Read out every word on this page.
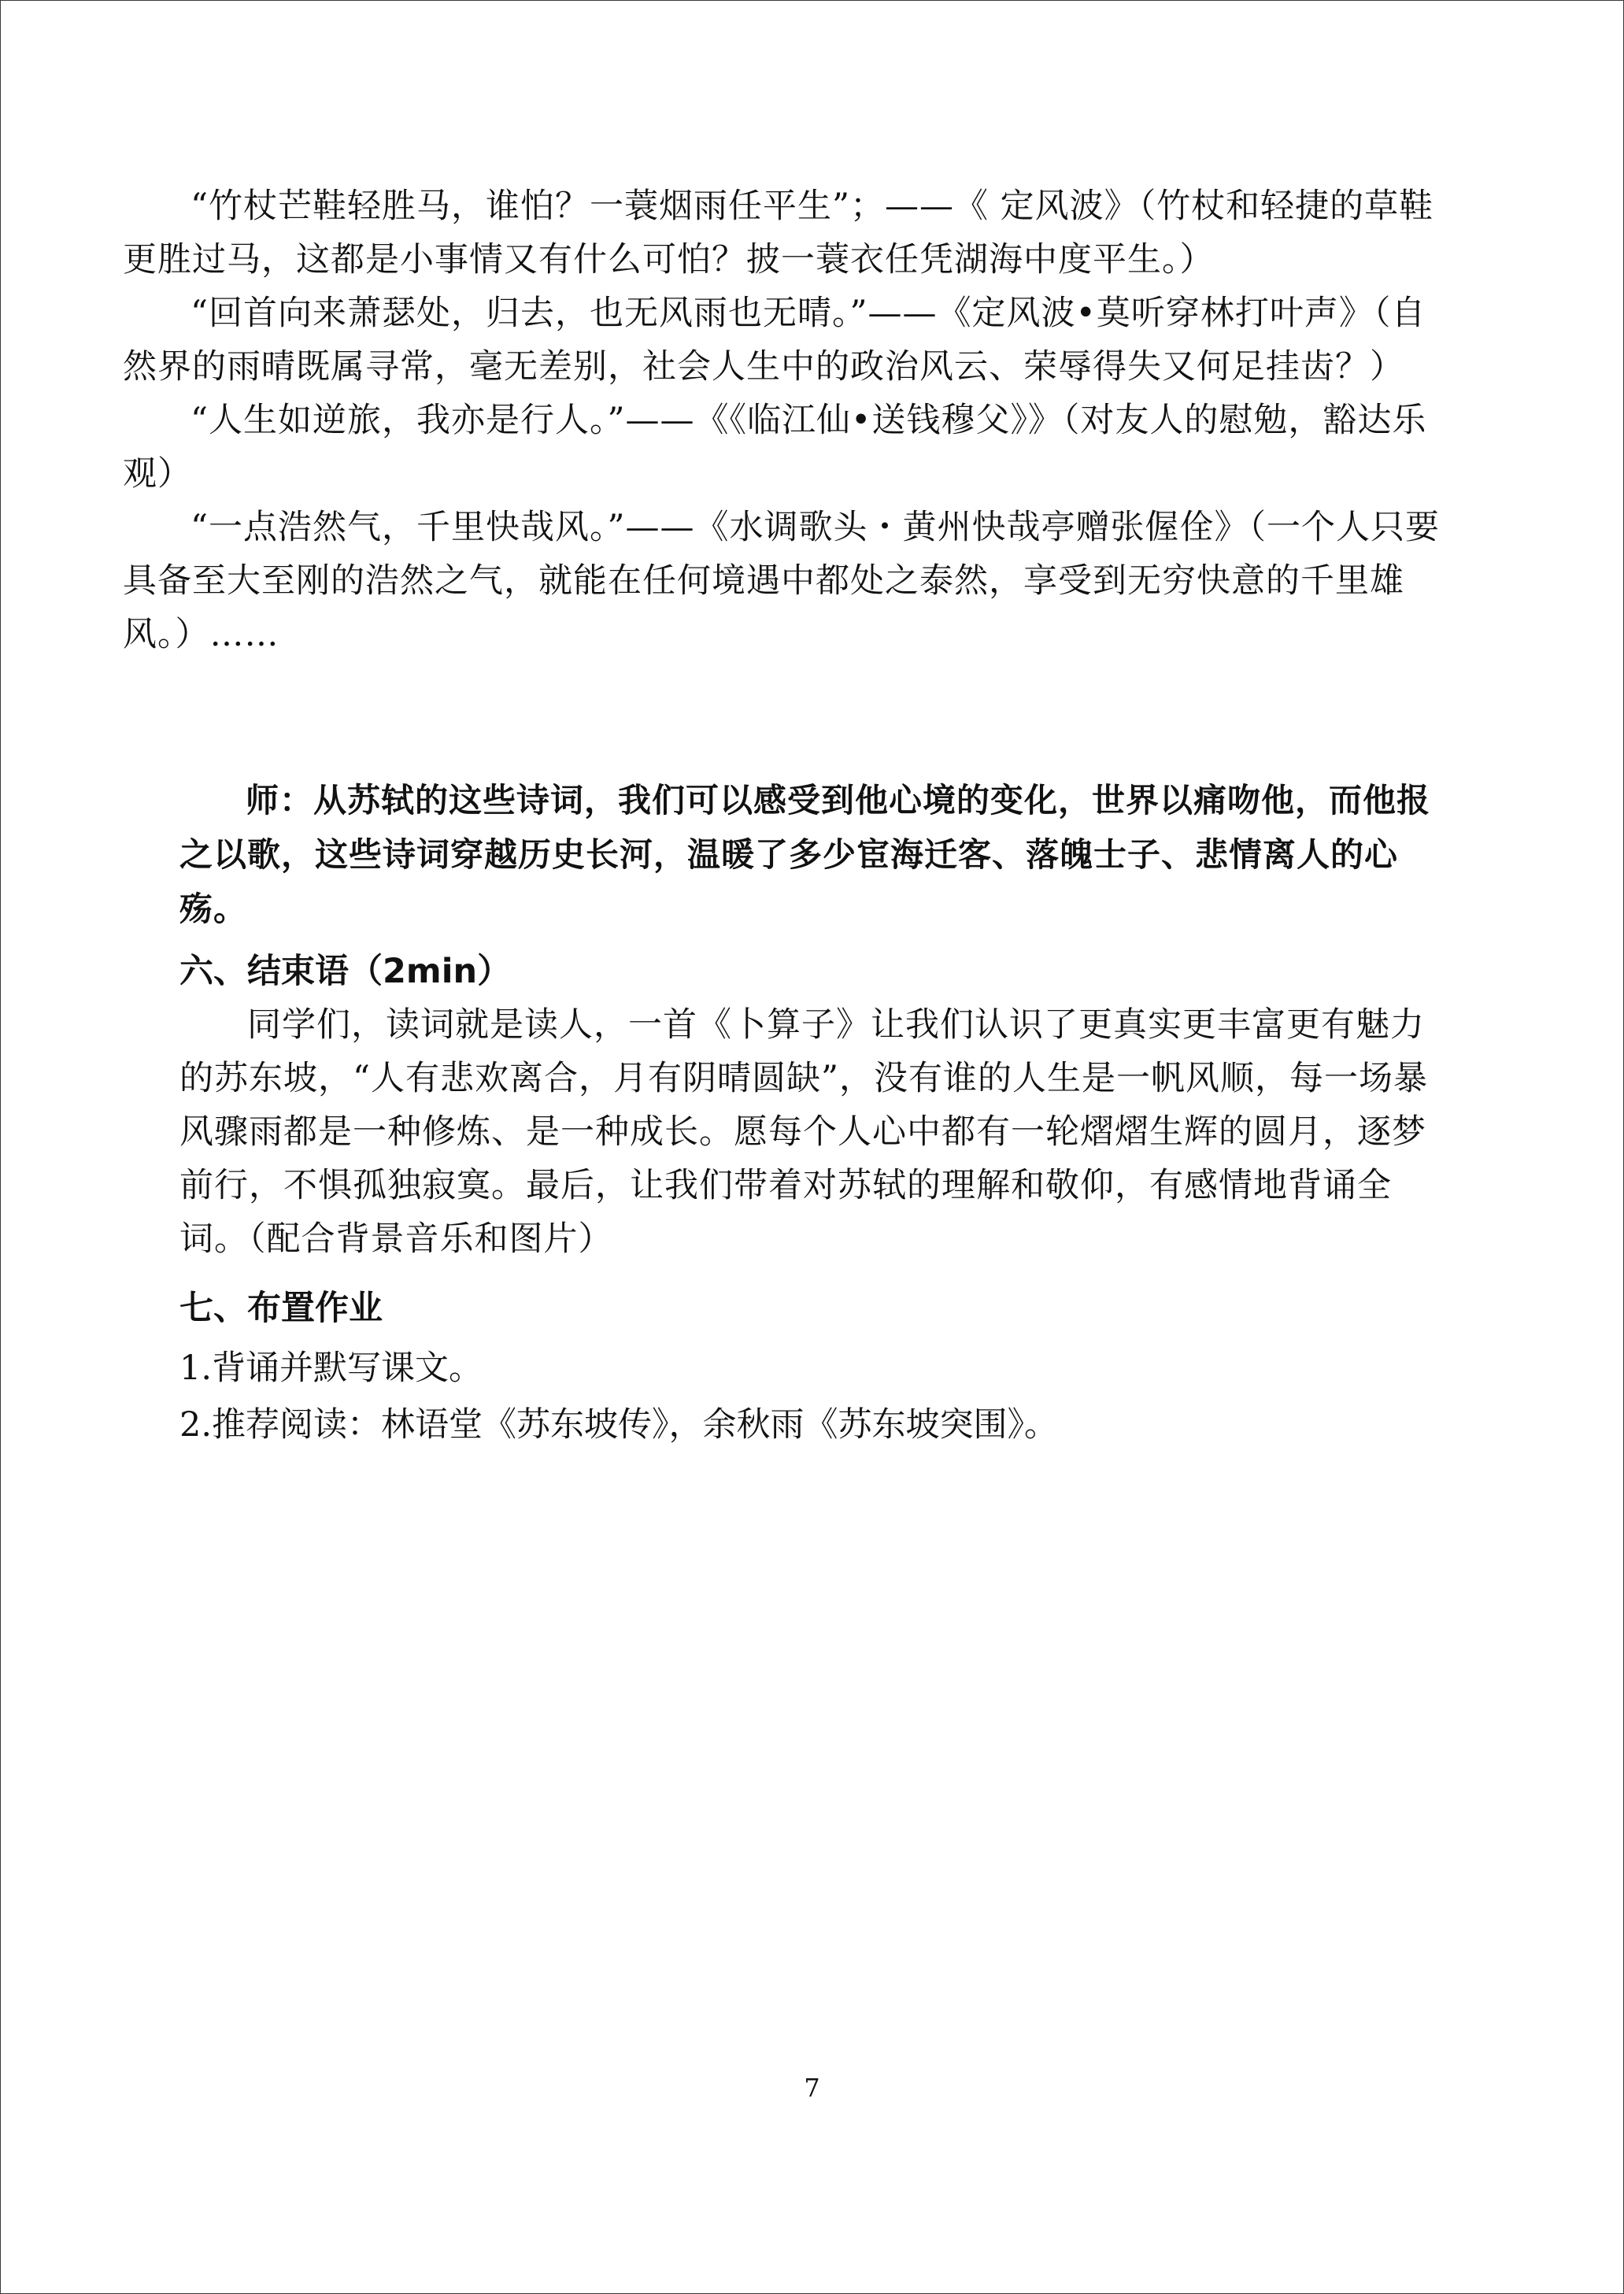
“竹杖芒鞋轻胜马，谁怕？一蓑烟雨任平生”；——《 定风波》（竹杖和轻捷的草鞋更胜过马，这都是小事情又有什么可怕？披一蓑衣任凭湖海中度平生。）

“回首向来萧瑟处，归去，也无风雨也无晴。”——《定风波•莫听穿林打叶声》（自然界的雨晴既属寻常，毫无差别，社会人生中的政治风云、荣辱得失又何足挂齿？）

“人生如逆旅，我亦是行人。”——《《临江仙•送钱穆父》》（对友人的慰勉，豁达乐观）

“一点浩然气，千里快哉风。”——《水调歌头・黄州快哉亭赠张偓佺》（一个人只要具备至大至刚的浩然之气，就能在任何境遇中都处之泰然，享受到无穷快意的千里雄风。）……

师：从苏轼的这些诗词，我们可以感受到他心境的变化，世界以痛吻他，而他报之以歌，这些诗词穿越历史长河，温暖了多少宦海迁客、落魄士子、悲情离人的心殇。

六、结束语（2min）

同学们，读词就是读人，一首《卜算子》让我们认识了更真实更丰富更有魅力的苏东坡，“人有悲欢离合，月有阴晴圆缺”，没有谁的人生是一帆风顺，每一场暴风骤雨都是一种修炼、是一种成长。愿每个人心中都有一轮熠熠生辉的圆月，逐梦前行，不惧孤独寂寞。最后，让我们带着对苏轼的理解和敬仰，有感情地背诵全词。（配合背景音乐和图片）

七、布置作业

1.背诵并默写课文。

2.推荐阅读：林语堂《苏东坡传》，余秋雨《苏东坡突围》。

7
